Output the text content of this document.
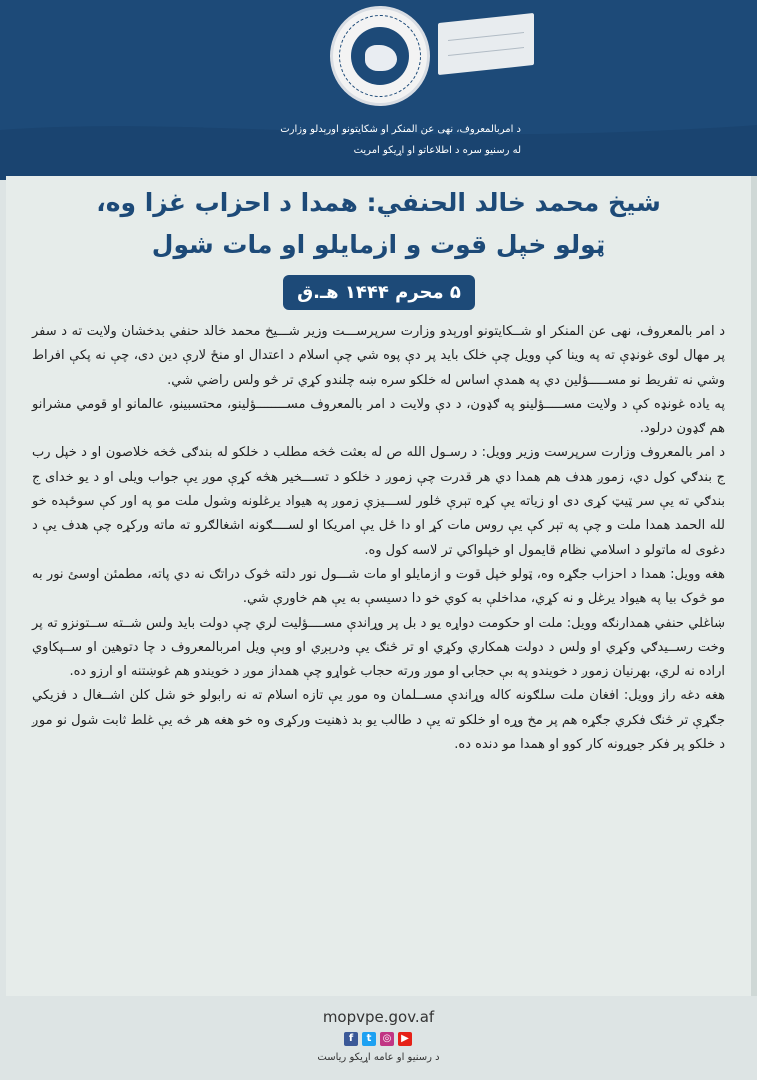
د امربالمعروف، نهی عن المنکر او شکایتونو اورېدلو وزارت
له رسنیو سره د اطلاعاتو او اړیکو امریت
شیخ محمد خالد الحنفي: همدا د احزاب غزا وه،
ټولو خپل قوت و ازمایلو او مات شول
۵ محرم ۱۴۴۴ هـ.ق

د امر بالمعروف، نهی عن المنکر او شــکایتونو اورېدو وزارت سرپرســـت وزیر شـــیخ محمد خالد حنفي بدخشان ولایت ته د سفر پر مهال لوی غونډې ته په وینا کې وویل چې خلک باید پر دې پوه شي چې اسلام د اعتدال او منځ لارې دین دی، چې نه پکې افراط وشي نه تفریط نو مســـــؤلین دي په همدې اساس له خلکو سره ښه چلندو کړي تر څو ولس راضي شي.

په یاده غونډه کې د ولایت مســـــؤلینو په ګډون، د دې ولایت د امر بالمعروف مســــــــؤلینو، محتسبینو، عالمانو او قومي مشرانو هم ګډون درلود.

د امر بالمعروف وزارت سرپرست وزیر وویل: د رسـول الله ص له بعثت څخه مطلب د خلکو له بندګی څخه خلاصون او د خپل رب ج بندګي کول دي، زموږ هدف هم همدا دي هر قدرت چې زموږ د خلکو د تســـخیر هڅه کړې موږ یې جواب ویلی او د یو خدای ج بندګي ته یې سر ټیټ کړی دی او زیاته یې کړه تېرې څلور لســـیزې زموږ په هیواد یرغلونه وشول ملت مو په اور کې سوځېده خو لله الحمد همدا ملت و چې په تېر کې یې روس مات کړ او دا ځل یې امریکا او لســــګونه اشغالګرو ته ماته ورکړه چې هدف یې د دغوی له ماتولو د اسلامي نظام قایمول او خپلواکي تر لاسه کول وه.

هغه وویل: همدا د احزاب جګړه وه، ټولو خپل قوت و ازمایلو او مات شـــول نور دلته څوک دراتګ نه دي پاته، مطمئن اوسئ نور به مو څوک بیا په هیواد یرغل و نه کړي، مداخلې به کوي خو دا دسیسې به یې هم خاورې شي.

ښاغلي حنفي همدارنګه وویل: ملت او حکومت دواړه یو د بل پر وړاندې مســــؤلیت لري چې دولت باید ولس شــته ســتونزو ته پر وخت رســیدګي وکړي او ولس د دولت همکاري وکړي او تر څنګ یې ودرېږي او وېې ویل امربالمعروف د چا دتوهین او ســپکاوي اراده نه لري، بهرنیان زموږ د خویندو په بې حجابۍ او موږ ورته حجاب غواړو چې همداز موږ د خویندو هم غوښتنه او ارزو ده.

هغه دغه راز وویل: افغان ملت سلګونه کاله وړاندې مســلمان وه موږ یې تازه اسلام ته نه رابولو خو شل کلن اشــغال د فزیکي جګړې تر څنګ فکري جګړه هم پر مخ وړه او خلکو ته یې د طالب یو بد ذهنیت ورکړی وه خو هغه هر څه یې غلط ثابت شول نو موږ د خلکو پر فکر جوړونه کار کوو او همدا مو دنده ده.

mopvpe.gov.af
f	t	◎ ▶
د رسنیو او عامه اړیکو ریاست
